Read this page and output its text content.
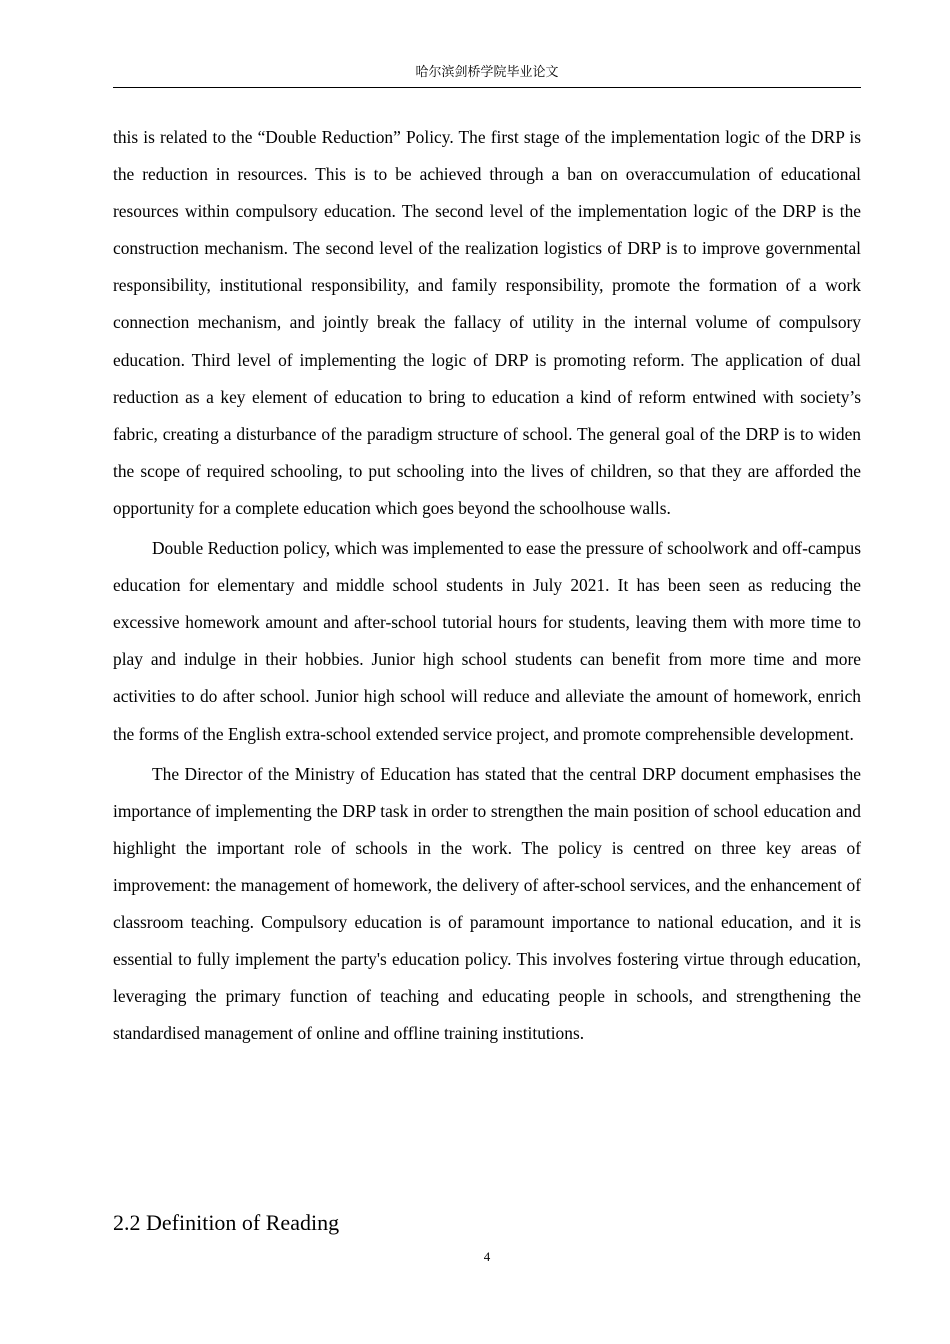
哈尔滨剑桥学院毕业论文

this is related to the “Double Reduction” Policy. The first stage of the implementation logic of the DRP is the reduction in resources. This is to be achieved through a ban on overaccumulation of educational resources within compulsory education. The second level of the implementation logic of the DRP is the construction mechanism. The second level of the realization logistics of DRP is to improve governmental responsibility, institutional responsibility, and family responsibility, promote the formation of a work connection mechanism, and jointly break the fallacy of utility in the internal volume of compulsory education. Third level of implementing the logic of DRP is promoting reform. The application of dual reduction as a key element of education to bring to education a kind of reform entwined with society’s fabric, creating a disturbance of the paradigm structure of school. The general goal of the DRP is to widen the scope of required schooling, to put schooling into the lives of children, so that they are afforded the opportunity for a complete education which goes beyond the schoolhouse walls.

Double Reduction policy, which was implemented to ease the pressure of schoolwork and off-campus education for elementary and middle school students in July 2021. It has been seen as reducing the excessive homework amount and after-school tutorial hours for students, leaving them with more time to play and indulge in their hobbies. Junior high school students can benefit from more time and more activities to do after school. Junior high school will reduce and alleviate the amount of homework, enrich the forms of the English extra-school extended service project, and promote comprehensible development.

The Director of the Ministry of Education has stated that the central DRP document emphasises the importance of implementing the DRP task in order to strengthen the main position of school education and highlight the important role of schools in the work. The policy is centred on three key areas of improvement: the management of homework, the delivery of after-school services, and the enhancement of classroom teaching. Compulsory education is of paramount importance to national education, and it is essential to fully implement the party's education policy. This involves fostering virtue through education, leveraging the primary function of teaching and educating people in schools, and strengthening the standardised management of online and offline training institutions.

2.2 Definition of Reading
4
